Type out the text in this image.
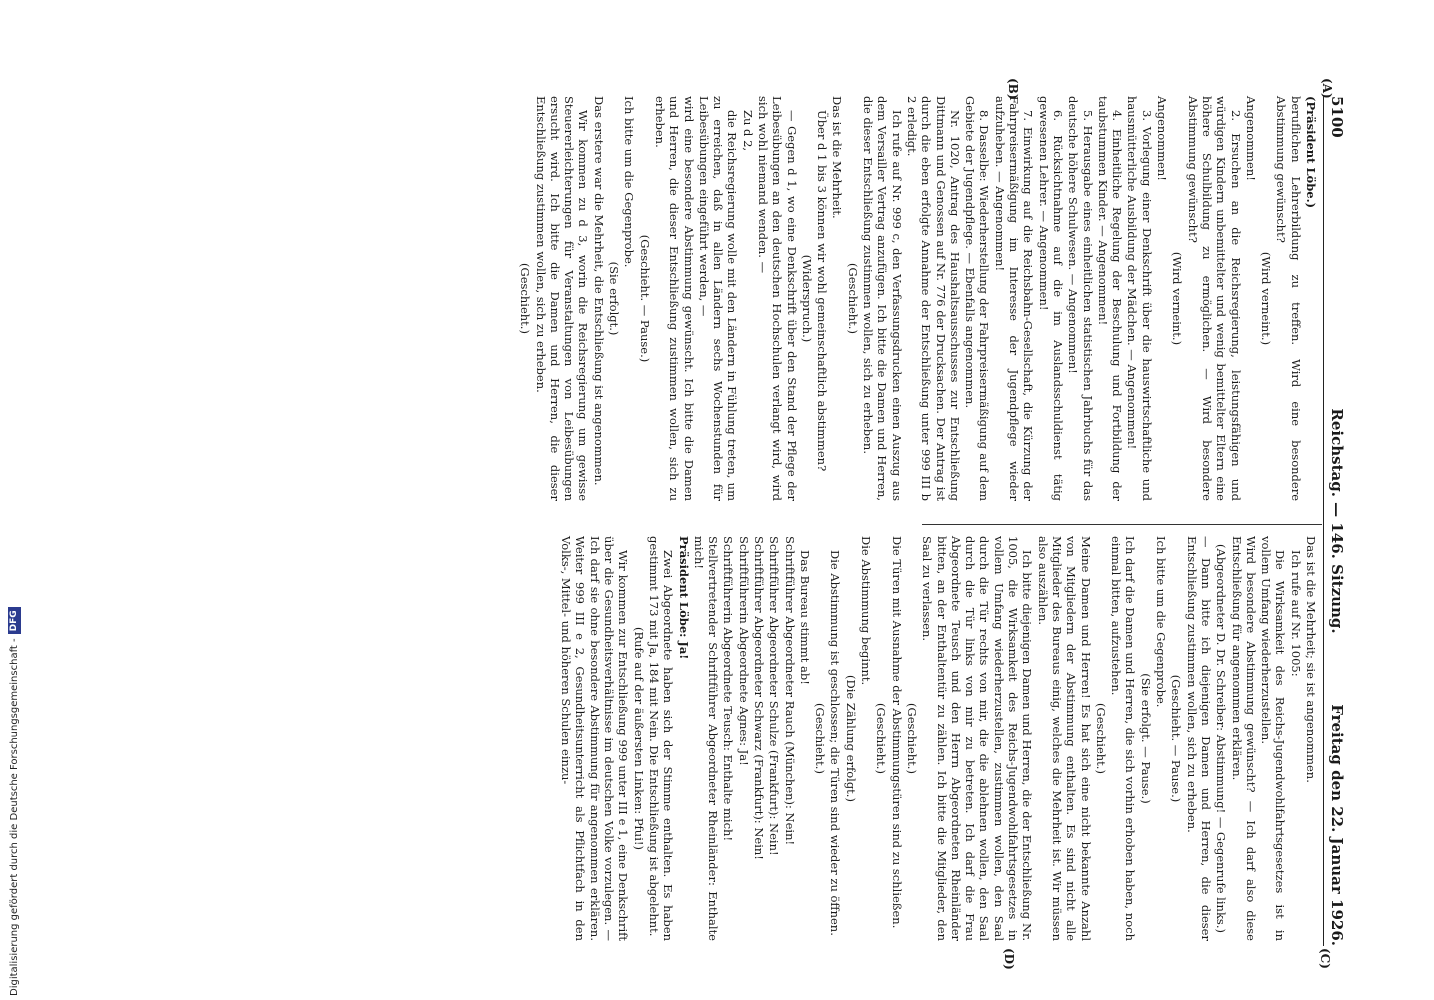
Digitalisierung gefördert durch die Deutsche Forschungsgemeinschaft -
DFG
5100
Reichstag. — 146. Sitzung.
Freitag den 22. Januar 1926.
(A)
(B)
(C)
(D)

(Präsident Löbe.)

beruflichen Lehrerbildung zu treffen. Wird eine besondere Abstimmung gewünscht?

(Wird verneint.)

Angenommen!

2. Ersuchen an die Reichsregierung, leistungsfähigen und würdigen Kindern unbemittelter und wenig bemittelter Eltern eine höhere Schulbildung zu ermöglichen. — Wird besondere Abstimmung gewünscht?

(Wird verneint.)

Angenommen!

3. Vorlegung einer Denkschrift über die hauswirtschaftliche und hausmütterliche Ausbildung der Mädchen. — Angenommen!

4. Einheitliche Regelung der Beschulung und Fortbildung der taubstummen Kinder. — Angenommen!

5. Herausgabe eines einheitlichen statistischen Jahrbuchs für das deutsche höhere Schulwesen. — Angenommen!

6. Rücksichtnahme auf die im Auslandsschuldienst tätig gewesenen Lehrer. — Angenommen!

7. Einwirkung auf die Reichsbahn-Gesellschaft, die Kürzung der Fahrpreisermäßigung im Interesse der Jugendpflege wieder aufzuheben. — Angenommen!

8. Dasselbe: Wiederherstellung der Fahrpreisermäßigung auf dem Gebiete der Jugendpflege. — Ebenfalls angenommen.

Nr. 1020, Antrag des Haushaltsausschusses zur Entschließung Dittmann und Genossen auf Nr. 776 der Drucksachen. Der Antrag ist durch die eben erfolgte Annahme der Entschließung unter 999 III b 2 erledigt.

Ich rufe auf Nr. 999 c, den Verfassungsdrucken einen Auszug aus dem Versailler Vertrag anzufügen. Ich bitte die Damen und Herren, die dieser Entschließung zustimmen wollen, sich zu erheben.

(Geschieht.)

Das ist die Mehrheit.

Über d 1 bis 3 können wir wohl gemeinschaftlich abstimmen?

(Widerspruch.)

— Gegen d 1, wo eine Denkschrift über den Stand der Pflege der Leibesübungen an den deutschen Hochschulen verlangt wird, wird sich wohl niemand wenden. —

Zu d 2,

die Reichsregierung wolle mit den Ländern in Fühlung treten, um zu erreichen, daß in allen Ländern sechs Wochenstunden für Leibesübungen eingeführt werden, —

wird eine besondere Abstimmung gewünscht. Ich bitte die Damen und Herren, die dieser Entschließung zustimmen wollen, sich zu erheben.

(Geschieht. — Pause.)

Ich bitte um die Gegenprobe.

(Sie erfolgt.)

Das erstere war die Mehrheit, die Entschließung ist angenommen.

Wir kommen zu d 3, worin die Reichsregierung um gewisse Steuererleichterungen für Veranstaltungen von Leibesübungen ersucht wird. Ich bitte die Damen und Herren, die dieser Entschließung zustimmen wollen, sich zu erheben.

(Geschieht.)

Das ist die Mehrheit; sie ist angenommen.

Ich rufe auf Nr. 1005:

Die Wirksamkeit des Reichs-Jugendwohlfahrtsgesetzes ist in vollem Umfang wiederherzustellen.

Wird besondere Abstimmung gewünscht? — Ich darf also diese Entschließung für angenommen erklären.

(Abgeordneter D. Dr. Schreiber: Abstimmung! — Gegenrufe links.)

— Dann bitte ich diejenigen Damen und Herren, die dieser Entschließung zustimmen wollen, sich zu erheben.

(Geschieht. — Pause.)

Ich bitte um die Gegenprobe.

(Sie erfolgt. — Pause.)

Ich darf die Damen und Herren, die sich vorhin erhoben haben, noch einmal bitten, aufzustehen.

(Geschieht.)

Meine Damen und Herren! Es hat sich eine nicht bekannte Anzahl von Mitgliedern der Abstimmung enthalten. Es sind nicht alle Mitglieder des Bureaus einig, welches die Mehrheit ist. Wir müssen also auszählen.

Ich bitte diejenigen Damen und Herren, die der Entschließung Nr. 1005, die Wirksamkeit des Reichs-Jugendwohlfahrtsgesetzes in vollem Umfang wiederherzustellen, zustimmen wollen, den Saal durch die Tür rechts von mir, die die ablehnen wollen, den Saal durch die Tür links von mir zu betreten. Ich darf die Frau Abgeordnete Teusch und den Herrn Abgeordneten Rheinländer bitten, an der Enthaltentür zu zählen. Ich bitte die Mitglieder, den Saal zu verlassen.

(Geschieht.)

Die Türen mit Ausnahme der Abstimmungstüren sind zu schließen.

(Geschieht.)

Die Abstimmung beginnt.

(Die Zählung erfolgt.)

Die Abstimmung ist geschlossen; die Türen sind wieder zu öffnen.

(Geschieht.)

Das Bureau stimmt ab!

Schriftführer Abgeordneter Rauch (München): Nein!

Schriftführer Abgeordneter Schulze (Frankfurt): Nein!

Schriftführer Abgeordneter Schwarz (Frankfurt): Nein!

Schriftführerin Abgeordnete Agnes: Ja!

Schriftführerin Abgeordnete Teusch: Enthalte mich!

Stellvertretender Schriftführer Abgeordneter Rheinländer: Enthalte mich!

Präsident Löbe: Ja!

Zwei Abgeordnete haben sich der Stimme enthalten. Es haben gestimmt 173 mit Ja, 184 mit Nein. Die Entschließung ist abgelehnt.

(Rufe auf der äußersten Linken: Pfui!)

Wir kommen zur Entschließung 999 unter III e 1, eine Denkschrift über die Gesundheitsverhältnisse im deutschen Volke vorzulegen. — Ich darf sie ohne besondere Abstimmung für angenommen erklären. Weiter 999 III e 2, Gesundheitsunterricht als Pflichtfach in den Volks-, Mittel- und höheren Schulen einzu-
